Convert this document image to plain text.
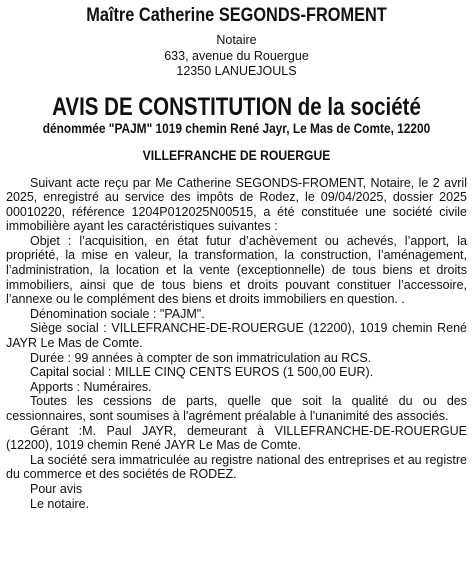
Maître Catherine SEGONDS-FROMENT
Notaire
633, avenue du Rouergue
12350 LANUEJOULS
AVIS DE CONSTITUTION de la société
dénommée "PAJM" 1019 chemin René Jayr, Le Mas de Comte, 12200
VILLEFRANCHE DE ROUERGUE

Suivant acte reçu par Me Catherine SEGONDS-FROMENT, Notaire, le 2 avril 2025, enregistré au service des impôts de Rodez, le 09/04/2025, dossier 2025 00010220, référence 1204P012025N00515, a été constituée une société civile immobilière ayant les caractéristiques suivantes :

Objet : l’acquisition, en état futur d’achèvement ou achevés, l’apport, la propriété, la mise en valeur, la transformation, la construction, l’aménagement, l’administration, la location et la vente (exceptionnelle) de tous biens et droits immobiliers, ainsi que de tous biens et droits pouvant constituer l’accessoire, l’annexe ou le complément des biens et droits immobiliers en question. .

Dénomination sociale : "PAJM".

Siège social : VILLEFRANCHE-DE-ROUERGUE (12200), 1019 chemin René JAYR Le Mas de Comte.

Durée : 99 années à compter de son immatriculation au RCS.

Capital social : MILLE CINQ CENTS EUROS (1 500,00 EUR).

Apports : Numéraires.

Toutes les cessions de parts, quelle que soit la qualité du ou des cessionnaires, sont soumises à l'agrément préalable à l'unanimité des associés.

Gérant :M. Paul JAYR, demeurant à VILLEFRANCHE-DE-ROUERGUE (12200), 1019 chemin René JAYR Le Mas de Comte.

La société sera immatriculée au registre national des entreprises et au registre du commerce et des sociétés de RODEZ.

Pour avis

Le notaire.
